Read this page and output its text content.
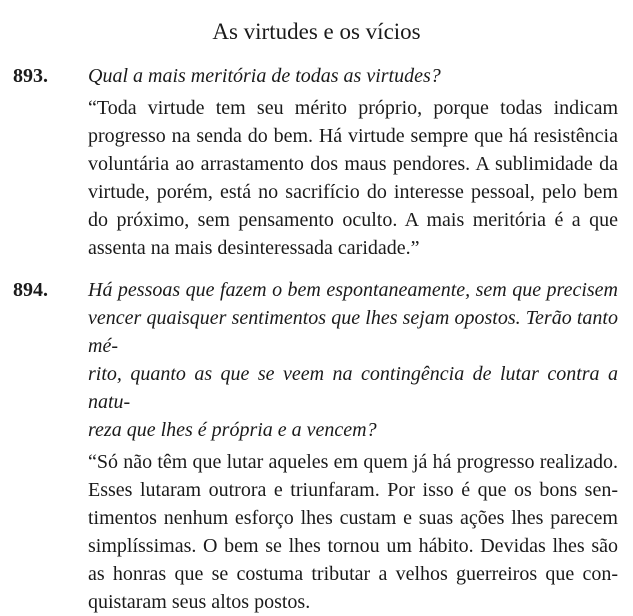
As virtudes e os vícios
893. Qual a mais meritória de todas as virtudes?

“Toda virtude tem seu mérito próprio, porque todas indicam
progresso na senda do bem. Há virtude sempre que há resistência
voluntária ao arrastamento dos maus pendores. A sublimidade da
virtude, porém, está no sacrifício do interesse pessoal, pelo bem
do próximo, sem pensamento oculto. A mais meritória é a que
assenta na mais desinteressada caridade.”

894. Há pessoas que fazem o bem espontaneamente, sem que precisem
vencer quaisquer sentimentos que lhes sejam opostos. Terão tanto mé-
rito, quanto as que se veem na contingência de lutar contra a natu-
reza que lhes é própria e a vencem?

“Só não têm que lutar aqueles em quem já há progresso realizado.
Esses lutaram outrora e triunfaram. Por isso é que os bons sen-
timentos nenhum esforço lhes custam e suas ações lhes parecem
simplíssimas. O bem se lhes tornou um hábito. Devidas lhes são
as honras que se costuma tributar a velhos guerreiros que con-
quistaram seus altos postos.
